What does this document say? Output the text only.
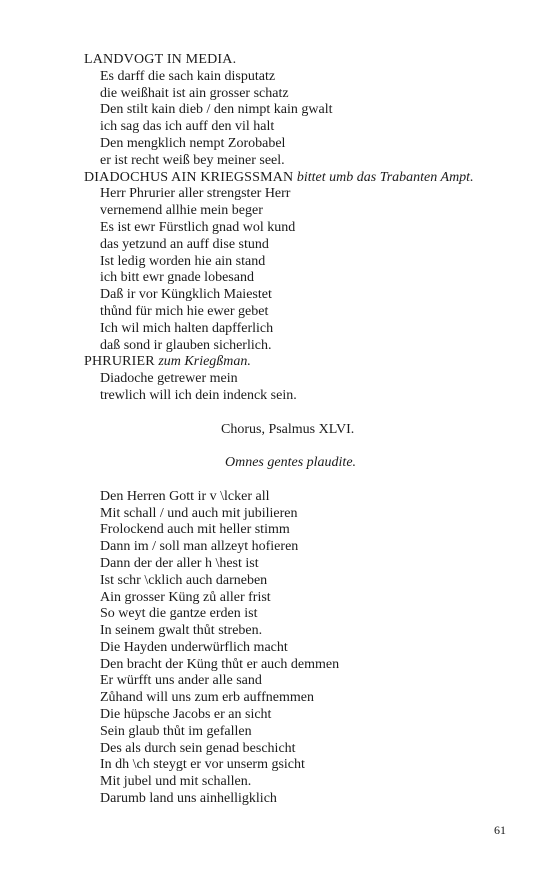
LANDVOGT IN MEDIA.
Es darff die sach kain disputatz
die weißhait ist ain grosser schatz
Den stilt kain dieb / den nimpt kain gwalt
ich sag das ich auff den vil halt
Den mengklich nempt Zorobabel
er ist recht weiß bey meiner seel.
DIADOCHUS AIN KRIEGSSMAN bittet umb das Trabanten Ampt.
Herr Phrurier aller strengster Herr
vernemend allhie mein beger
Es ist ewr Fürstlich gnad wol kund
das yetzund an auff dise stund
Ist ledig worden hie ain stand
ich bitt ewr gnade lobesand
Daß ir vor Küngklich Maiestet
thůnd für mich hie ewer gebet
Ich wil mich halten dapfferlich
daß sond ir glauben sicherlich.
PHRURIER zum Kriegßman.
Diadoche getrewer mein
trewlich will ich dein indenck sein.
Chorus, Psalmus XLVI.
Omnes gentes plaudite.
Den Herren Gott ir v \lcker all
Mit schall / und auch mit jubilieren
Frolockend auch mit heller stimm
Dann im / soll man allzeyt hofieren
Dann der der aller h \hest ist
Ist schr \cklich auch darneben
Ain grosser Küng zů aller frist
So weyt die gantze erden ist
In seinem gwalt thůt streben.
Die Hayden underwürflich macht
Den bracht der Küng thůt er auch demmen
Er würfft uns ander alle sand
Zůhand will uns zum erb auffnemmen
Die hüpsche Jacobs er an sicht
Sein glaub thůt im gefallen
Des als durch sein genad beschicht
In dh \ch steygt er vor unserm gsicht
Mit jubel und mit schallen.
Darumb land uns ainhelligklich
61
